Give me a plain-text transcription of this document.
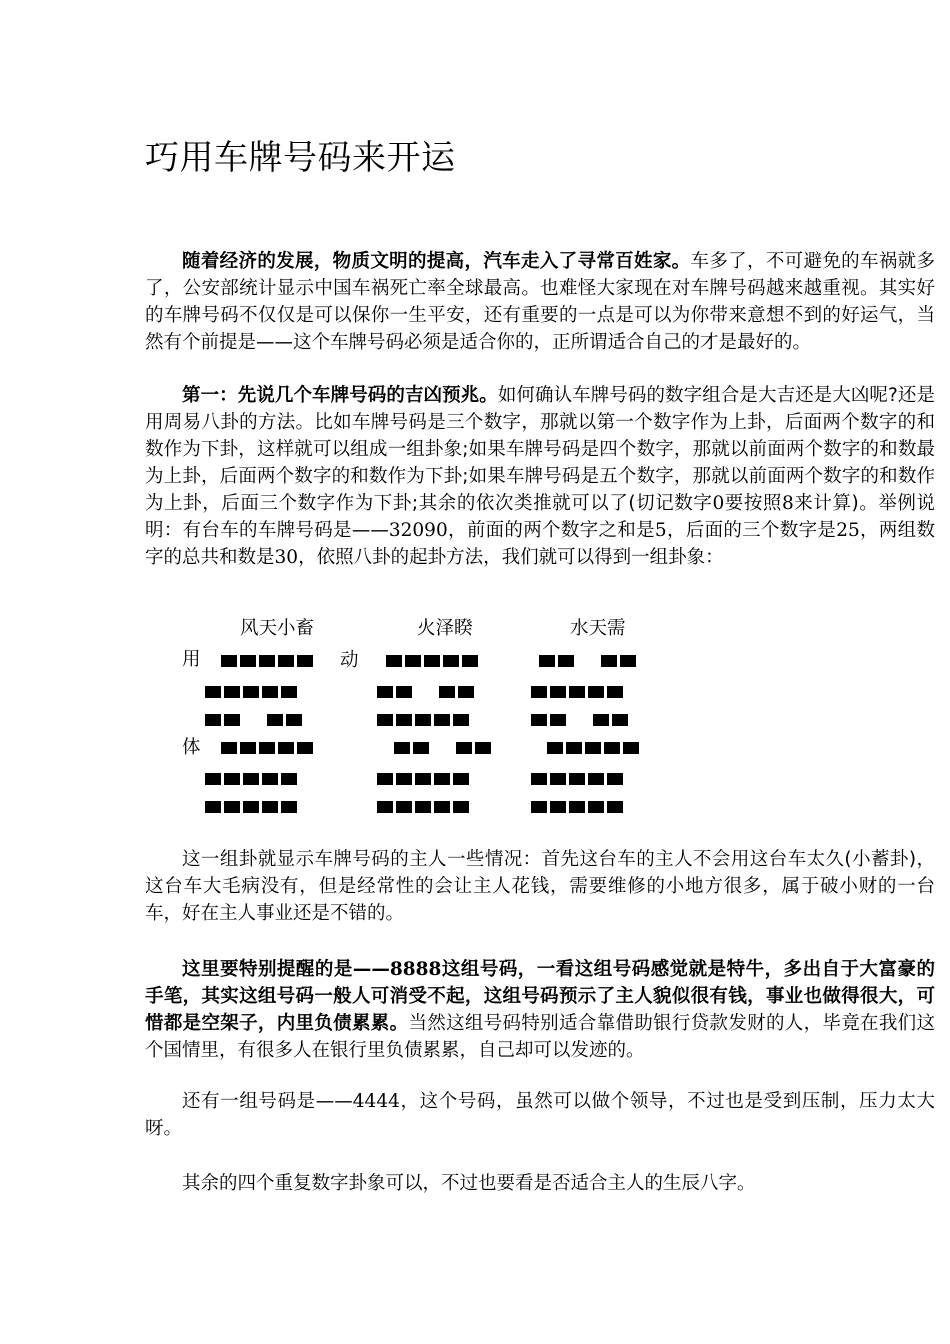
巧用车牌号码来开运

随着经济的发展，物质文明的提高，汽车走入了寻常百姓家。车多了，不可避免的车祸就多了，公安部统计显示中国车祸死亡率全球最高。也难怪大家现在对车牌号码越来越重视。其实好的车牌号码不仅仅是可以保你一生平安，还有重要的一点是可以为你带来意想不到的好运气，当然有个前提是——这个车牌号码必须是适合你的，正所谓适合自己的才是最好的。

第一：先说几个车牌号码的吉凶预兆。如何确认车牌号码的数字组合是大吉还是大凶呢?还是用周易八卦的方法。比如车牌号码是三个数字，那就以第一个数字作为上卦，后面两个数字的和数作为下卦，这样就可以组成一组卦象;如果车牌号码是四个数字，那就以前面两个数字的和数最为上卦，后面两个数字的和数作为下卦;如果车牌号码是五个数字，那就以前面两个数字的和数作为上卦，后面三个数字作为下卦;其余的依次类推就可以了(切记数字0要按照8来计算)。举例说明：有台车的车牌号码是——32090，前面的两个数字之和是5，后面的三个数字是25，两组数字的总共和数是30，依照八卦的起卦方法，我们就可以得到一组卦象：

风天小畜	火泽睽	水天需

用	动

体

这一组卦就显示车牌号码的主人一些情况：首先这台车的主人不会用这台车太久(小蓄卦)，这台车大毛病没有，但是经常性的会让主人花钱，需要维修的小地方很多，属于破小财的一台车，好在主人事业还是不错的。

这里要特别提醒的是——8888这组号码，一看这组号码感觉就是特牛，多出自于大富豪的手笔，其实这组号码一般人可消受不起，这组号码预示了主人貌似很有钱，事业也做得很大，可惜都是空架子，内里负债累累。当然这组号码特别适合靠借助银行贷款发财的人，毕竟在我们这个国情里，有很多人在银行里负债累累，自己却可以发迹的。

还有一组号码是——4444，这个号码，虽然可以做个领导，不过也是受到压制，压力太大呀。

其余的四个重复数字卦象可以，不过也要看是否适合主人的生辰八字。
